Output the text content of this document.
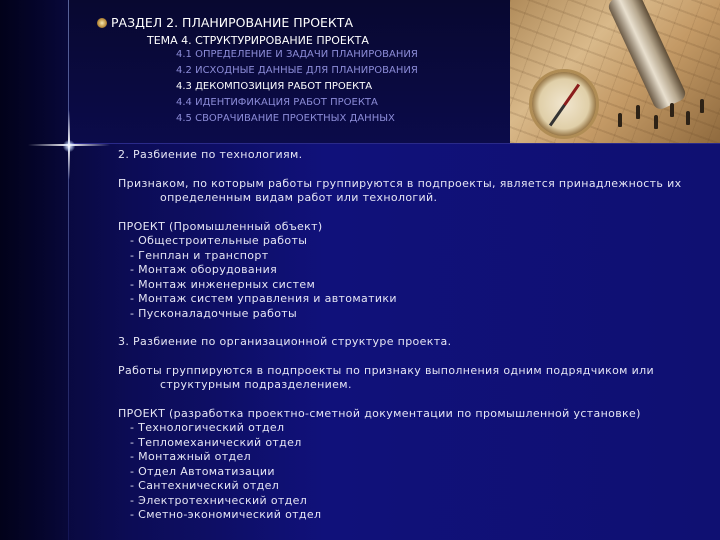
РАЗДЕЛ 2. ПЛАНИРОВАНИЕ ПРОЕКТА
ТЕМА 4. СТРУКТУРИРОВАНИЕ ПРОЕКТА
4.1 ОПРЕДЕЛЕНИЕ И ЗАДАЧИ ПЛАНИРОВАНИЯ
4.2 ИСХОДНЫЕ ДАННЫЕ ДЛЯ ПЛАНИРОВАНИЯ
4.3 ДЕКОМПОЗИЦИЯ РАБОТ ПРОЕКТА
4.4 ИДЕНТИФИКАЦИЯ РАБОТ ПРОЕКТА
4.5 СВОРАЧИВАНИЕ ПРОЕКТНЫХ ДАННЫХ

2. Разбиение по технологиям.

Признаком, по которым работы группируются в подпроекты, является принадлежность их определенным видам работ или технологий.

ПРОЕКТ (Промышленный объект)

- Общестроительные работы

- Генплан и транспорт

- Монтаж оборудования

- Монтаж инженерных систем

- Монтаж систем управления и автоматики

- Пусконаладочные работы

3. Разбиение по организационной структуре проекта.

Работы группируются в подпроекты по признаку выполнения одним подрядчиком или структурным подразделением.

ПРОЕКТ (разработка проектно-сметной документации по промышленной установке)

- Технологический отдел

- Тепломеханический отдел

- Монтажный отдел

- Отдел Автоматизации

- Сантехнический отдел

- Электротехнический отдел

- Сметно-экономический отдел
